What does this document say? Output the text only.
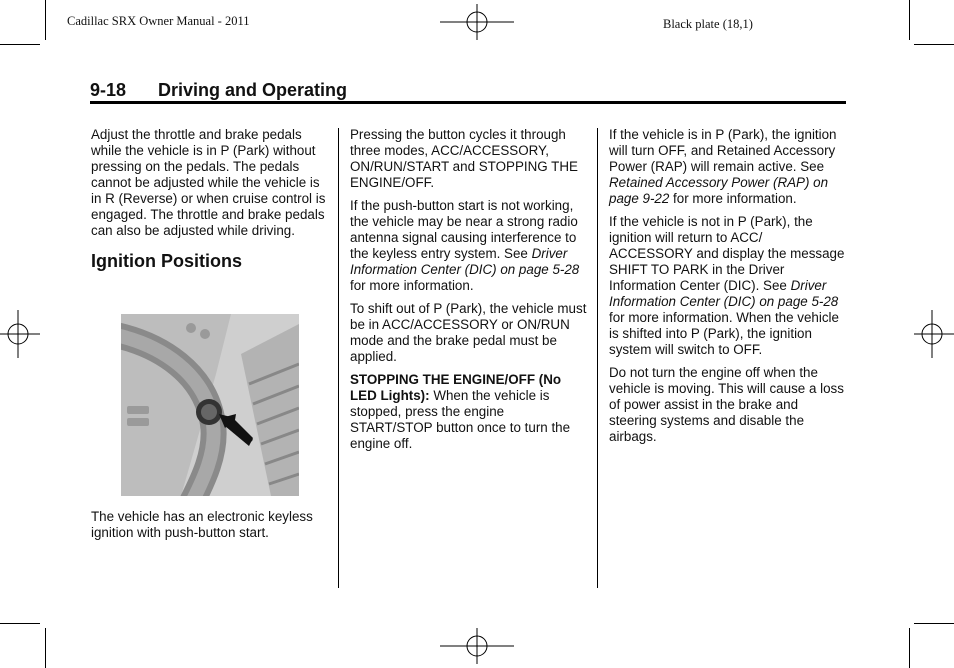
Cadillac SRX Owner Manual - 2011	Black plate (18,1)
9-18 Driving and Operating

Adjust the throttle and brake pedals while the vehicle is in P (Park) without pressing on the pedals. The pedals cannot be adjusted while the vehicle is in R (Reverse) or when cruise control is engaged. The throttle and brake pedals can also be adjusted while driving.

Ignition Positions

The vehicle has an electronic keyless ignition with push-button start.

Pressing the button cycles it through three modes, ACC/ACCESSORY, ON/RUN/START and STOPPING THE ENGINE/OFF.

If the push-button start is not working, the vehicle may be near a strong radio antenna signal causing interference to the keyless entry system. See Driver Information Center (DIC) on page 5-28 for more information.

To shift out of P (Park), the vehicle must be in ACC/ACCESSORY or ON/RUN mode and the brake pedal must be applied.

STOPPING THE ENGINE/OFF (No LED Lights): When the vehicle is stopped, press the engine START/STOP button once to turn the engine off.

If the vehicle is in P (Park), the ignition will turn OFF, and Retained Accessory Power (RAP) will remain active. See Retained Accessory Power (RAP) on page 9-22 for more information.

If the vehicle is not in P (Park), the ignition will return to ACC/ ACCESSORY and display the message SHIFT TO PARK in the Driver Information Center (DIC). See Driver Information Center (DIC) on page 5-28 for more information. When the vehicle is shifted into P (Park), the ignition system will switch to OFF.

Do not turn the engine off when the vehicle is moving. This will cause a loss of power assist in the brake and steering systems and disable the airbags.
